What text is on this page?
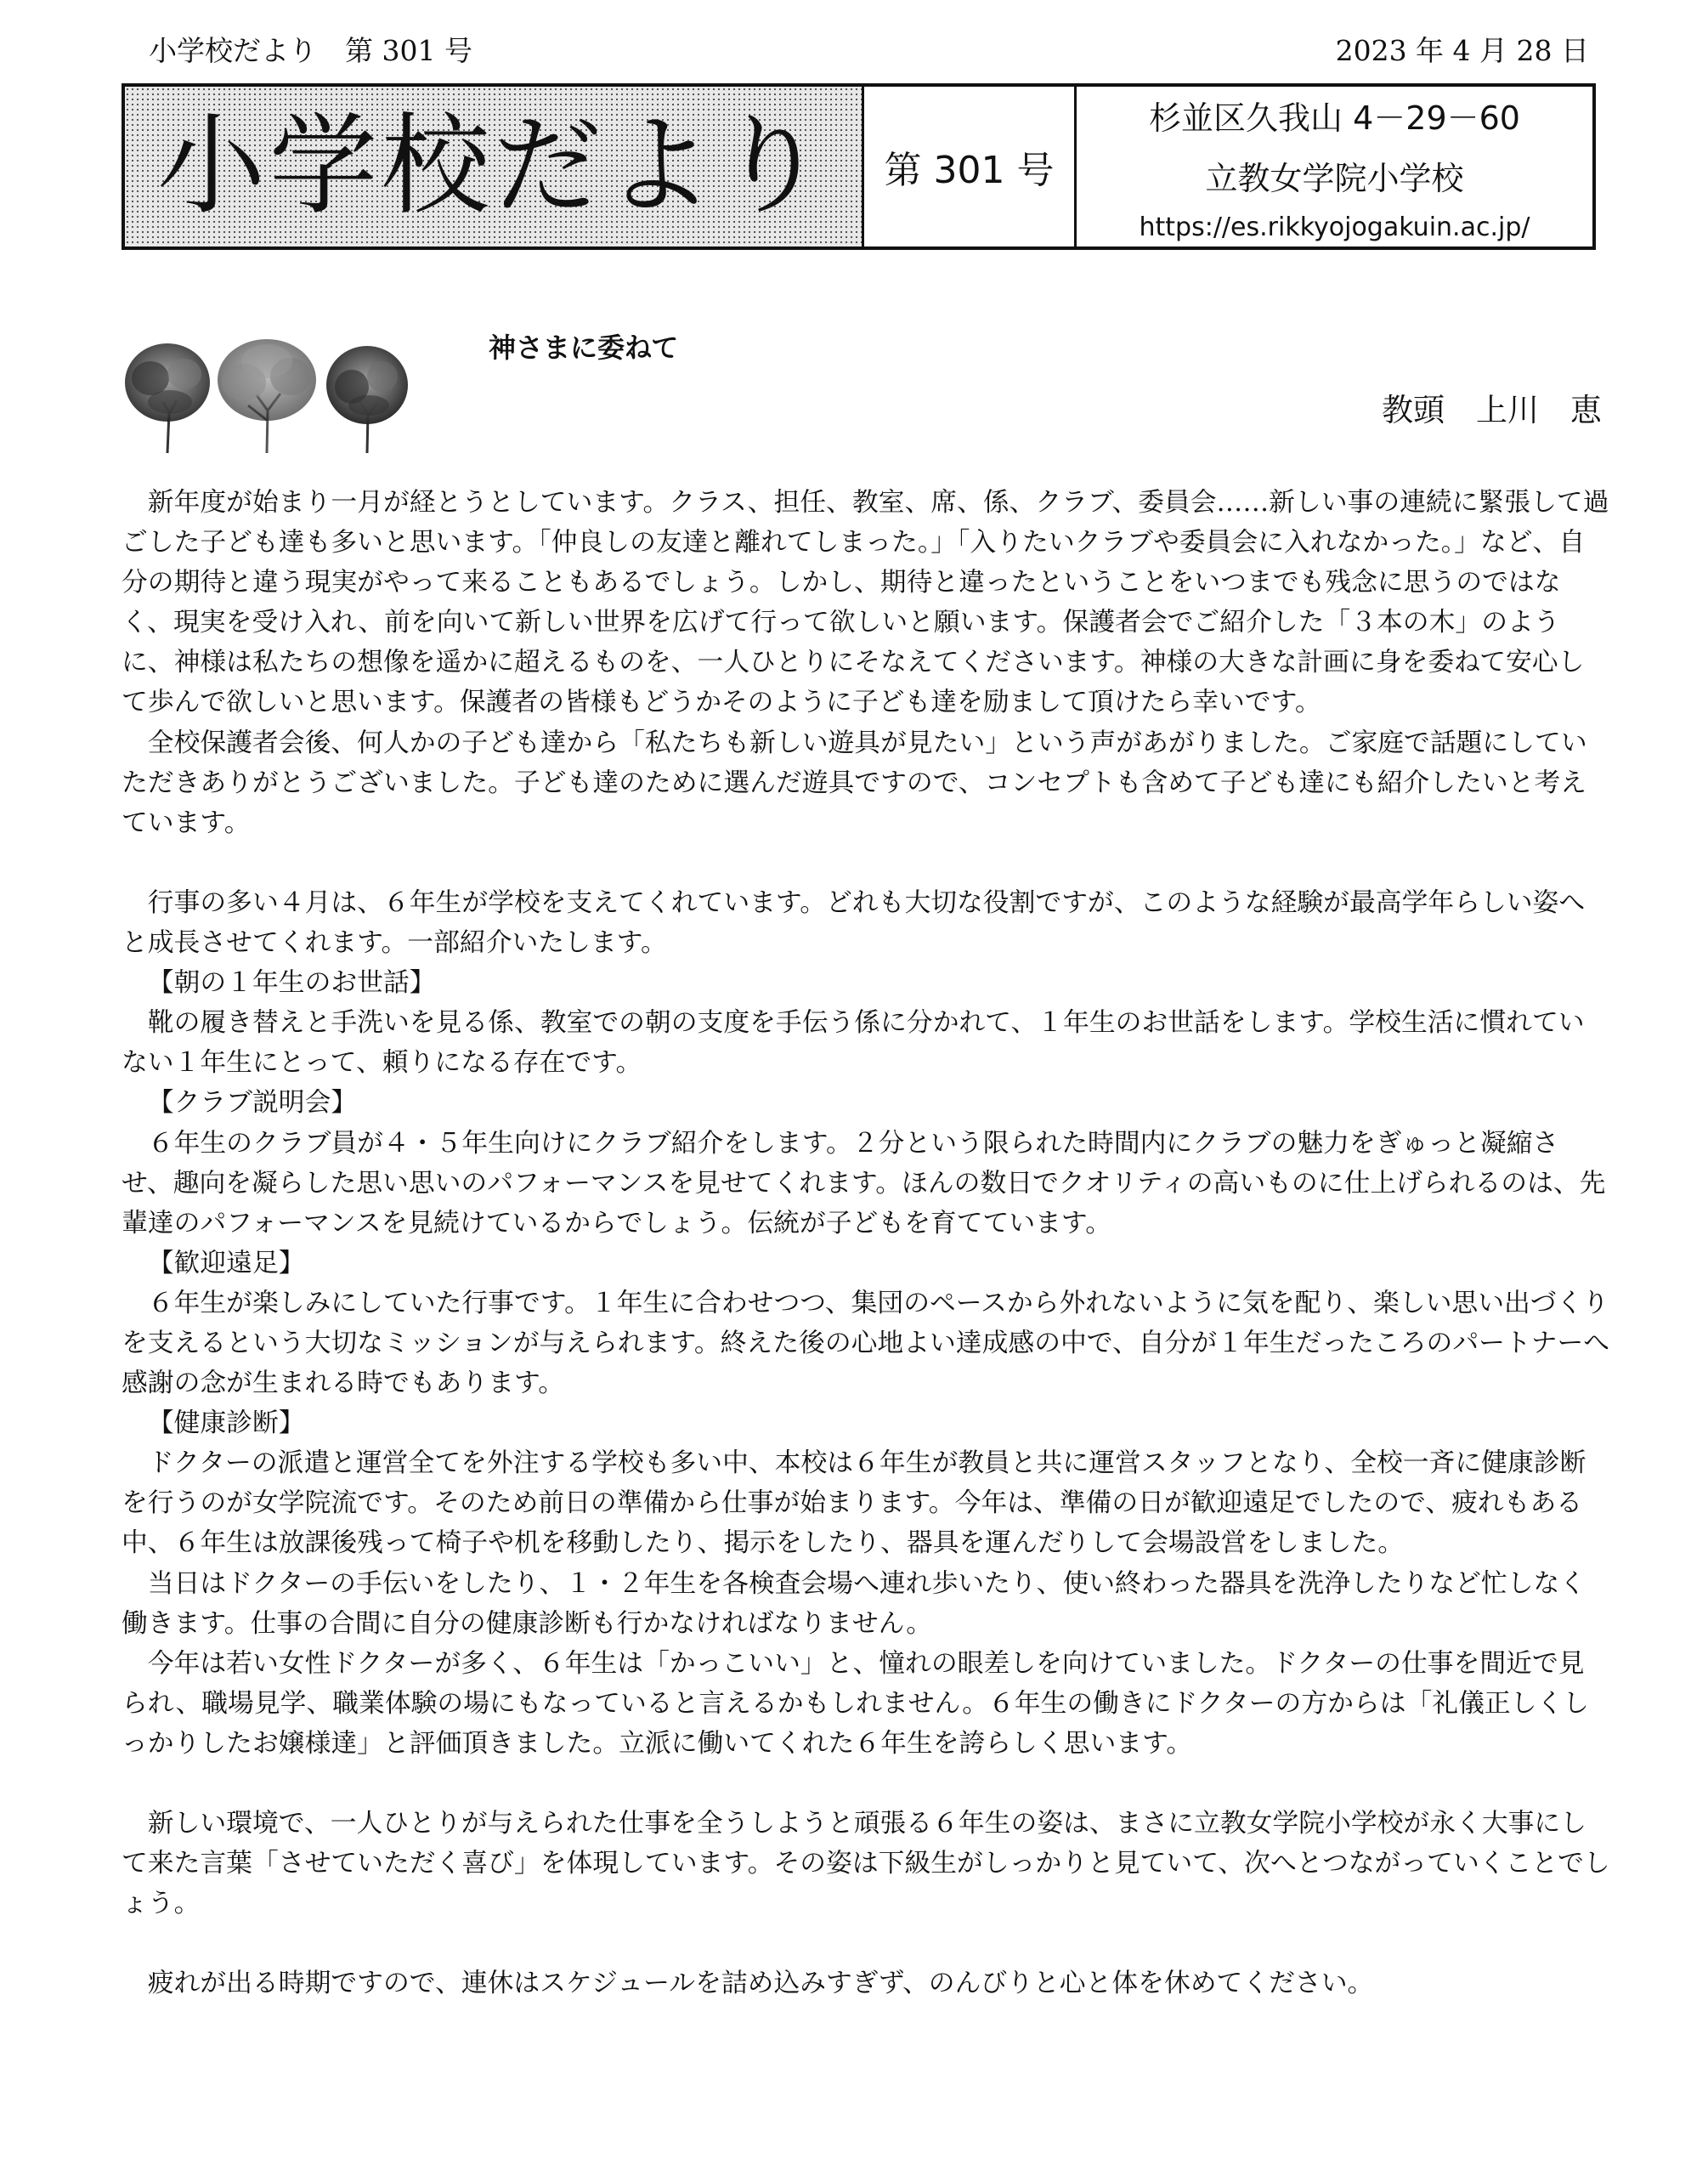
小学校だより　第 301 号	2023 年 4 月 28 日
小学校だより	第 301 号
杉並区久我山 4－29－60
立教女学院小学校
https://es.rikkyojogakuin.ac.jp/
神さまに委ねて
教頭　上川　恵

新年度が始まり一月が経とうとしています。クラス、担任、教室、席、係、クラブ、委員会……新しい事の連続に緊張して過ごした子ども達も多いと思います。「仲良しの友達と離れてしまった。」「入りたいクラブや委員会に入れなかった。」など、自分の期待と違う現実がやって来ることもあるでしょう。しかし、期待と違ったということをいつまでも残念に思うのではなく、現実を受け入れ、前を向いて新しい世界を広げて行って欲しいと願います。保護者会でご紹介した「３本の木」のように、神様は私たちの想像を遥かに超えるものを、一人ひとりにそなえてくださいます。神様の大きな計画に身を委ねて安心して歩んで欲しいと思います。保護者の皆様もどうかそのように子ども達を励まして頂けたら幸いです。

全校保護者会後、何人かの子ども達から「私たちも新しい遊具が見たい」という声があがりました。ご家庭で話題にしていただきありがとうございました。子ども達のために選んだ遊具ですので、コンセプトも含めて子ども達にも紹介したいと考えています。

行事の多い４月は、６年生が学校を支えてくれています。どれも大切な役割ですが、このような経験が最高学年らしい姿へと成長させてくれます。一部紹介いたします。

【朝の１年生のお世話】

靴の履き替えと手洗いを見る係、教室での朝の支度を手伝う係に分かれて、１年生のお世話をします。学校生活に慣れていない１年生にとって、頼りになる存在です。

【クラブ説明会】

６年生のクラブ員が４・５年生向けにクラブ紹介をします。２分という限られた時間内にクラブの魅力をぎゅっと凝縮させ、趣向を凝らした思い思いのパフォーマンスを見せてくれます。ほんの数日でクオリティの高いものに仕上げられるのは、先輩達のパフォーマンスを見続けているからでしょう。伝統が子どもを育てています。

【歓迎遠足】

６年生が楽しみにしていた行事です。１年生に合わせつつ、集団のペースから外れないように気を配り、楽しい思い出づくりを支えるという大切なミッションが与えられます。終えた後の心地よい達成感の中で、自分が１年生だったころのパートナーへ感謝の念が生まれる時でもあります。

【健康診断】

ドクターの派遣と運営全てを外注する学校も多い中、本校は６年生が教員と共に運営スタッフとなり、全校一斉に健康診断を行うのが女学院流です。そのため前日の準備から仕事が始まります。今年は、準備の日が歓迎遠足でしたので、疲れもある中、６年生は放課後残って椅子や机を移動したり、掲示をしたり、器具を運んだりして会場設営をしました。

当日はドクターの手伝いをしたり、１・２年生を各検査会場へ連れ歩いたり、使い終わった器具を洗浄したりなど忙しなく働きます。仕事の合間に自分の健康診断も行かなければなりません。

今年は若い女性ドクターが多く、６年生は「かっこいい」と、憧れの眼差しを向けていました。ドクターの仕事を間近で見られ、職場見学、職業体験の場にもなっていると言えるかもしれません。６年生の働きにドクターの方からは「礼儀正しくしっかりしたお嬢様達」と評価頂きました。立派に働いてくれた６年生を誇らしく思います。

新しい環境で、一人ひとりが与えられた仕事を全うしようと頑張る６年生の姿は、まさに立教女学院小学校が永く大事にして来た言葉「させていただく喜び」を体現しています。その姿は下級生がしっかりと見ていて、次へとつながっていくことでしょう。

疲れが出る時期ですので、連休はスケジュールを詰め込みすぎず、のんびりと心と体を休めてください。
